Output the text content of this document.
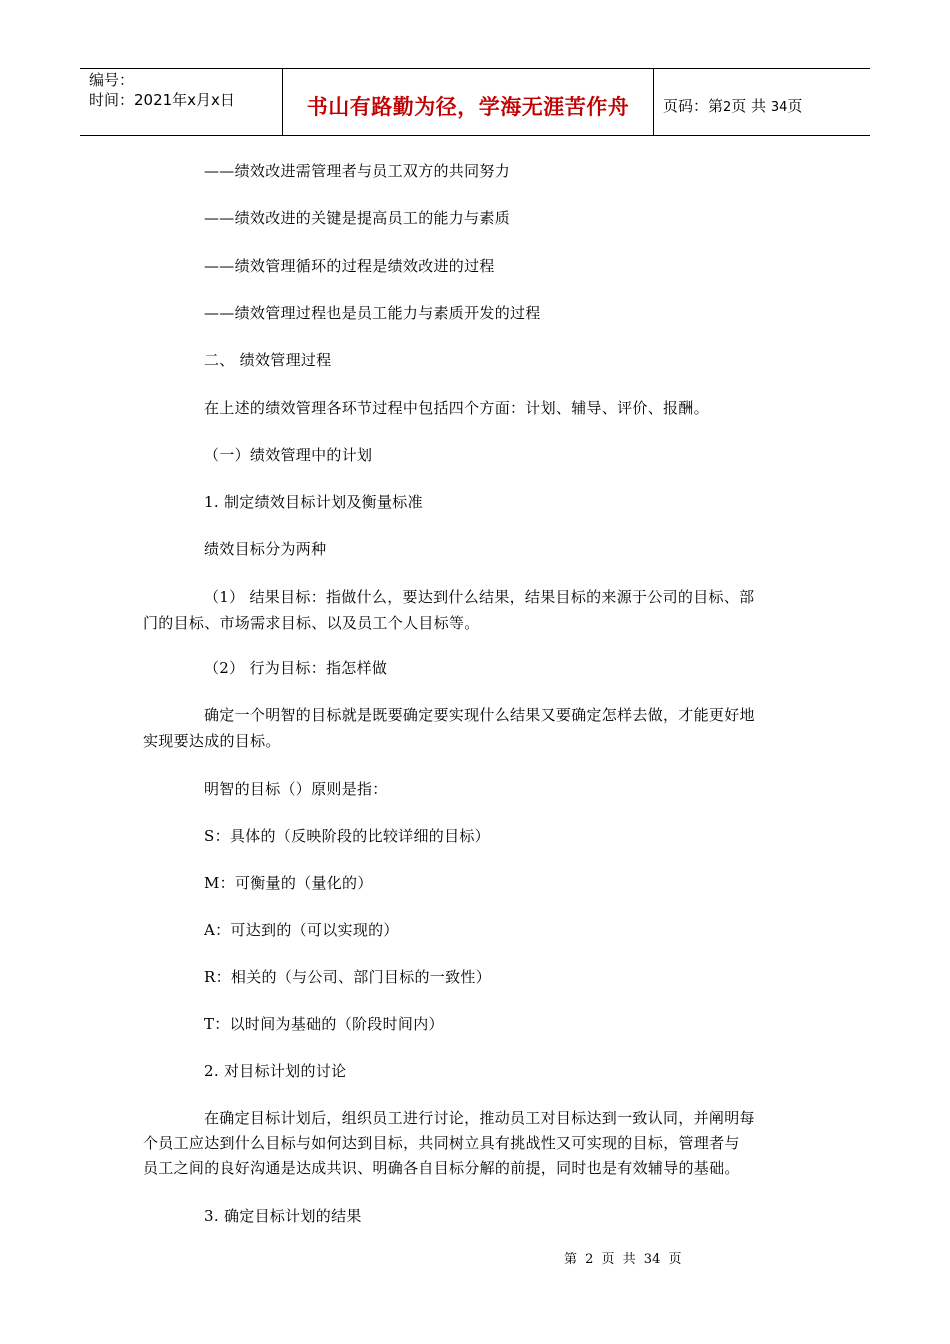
编号：
时间：2021年x月x日	书山有路勤为径，学海无涯苦作舟	页码：第2页 共 34页
——绩效改进需管理者与员工双方的共同努力
——绩效改进的关键是提高员工的能力与素质
——绩效管理循环的过程是绩效改进的过程
——绩效管理过程也是员工能力与素质开发的过程
二、 绩效管理过程
在上述的绩效管理各环节过程中包括四个方面：计划、辅导、评价、报酬。
（一）绩效管理中的计划
1. 制定绩效目标计划及衡量标准
绩效目标分为两种
（1） 结果目标：指做什么，要达到什么结果，结果目标的来源于公司的目标、部
门的目标、市场需求目标、以及员工个人目标等。
（2） 行为目标：指怎样做
确定一个明智的目标就是既要确定要实现什么结果又要确定怎样去做，才能更好地
实现要达成的目标。
明智的目标（）原则是指：
S：具体的（反映阶段的比较详细的目标）
M：可衡量的（量化的）
A：可达到的（可以实现的）
R：相关的（与公司、部门目标的一致性）
T：以时间为基础的（阶段时间内）
2. 对目标计划的讨论
在确定目标计划后，组织员工进行讨论，推动员工对目标达到一致认同，并阐明每
个员工应达到什么目标与如何达到目标，共同树立具有挑战性又可实现的目标，管理者与
员工之间的良好沟通是达成共识、明确各自目标分解的前提，同时也是有效辅导的基础。
3. 确定目标计划的结果
第 2 页 共 34 页
